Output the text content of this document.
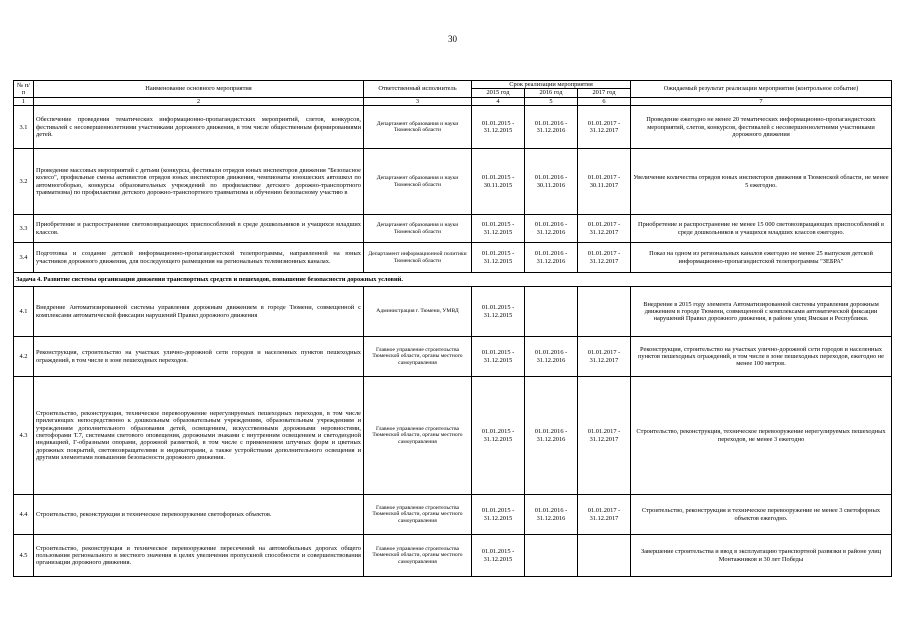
30
№ п/п	Наименование основного мероприятия	Ответственный исполнитель	Срок реализации мероприятия			Ожидаемый результат реализации мероприятия (контрольное событие)
			2015 год	2016 год	2017 год	
1	2	3	4	5	6	7
3.1	Обеспечение проведения тематических информационно-пропагандистских мероприятий, слетов, конкурсов, фестивалей с несовершеннолетними участниками дорожного движения, в том числе общественным формированиями детей.	Департамент образования и науки Тюменской области	01.01.2015 - 31.12.2015	01.01.2016 - 31.12.2016	01.01.2017 - 31.12.2017	Проведение ежегодно не менее 20 тематических информационно-пропагандистских мероприятий, слетов, конкурсов, фестивалей с несовершеннолетними участниками дорожного движения
3.2	Проведение массовых мероприятий с детьми (конкурсы, фестивали отрядов юных инспекторов движения "Безопасное колесо", профильные смены активистов отрядов юных инспекторов движения, чемпионаты юношеских автошкол по автомногоборью, конкурсы образовательных учреждений по профилактике детского дорожно-транспортного травматизма) по профилактике детского дорожно-транспортного травматизма и обучению безопасному участию в	Департамент образования и науки Тюменской области	01.01.2015 - 30.11.2015	01.01.2016 - 30.11.2016	01.01.2017 - 30.11.2017	Увеличение количества отрядов юных инспекторов движения в Тюменской области, не менее 5 ежегодно.
3.3	Приобретение и распространение световозвращающих приспособлений в среде дошкольников и учащихся младших классов.	Департамент образования и науки Тюменской области	01.01.2015 - 31.12.2015	01.01.2016 - 31.12.2016	01.01.2017 - 31.12.2017	Приобретение и распространение не менее 15 000 световозвращающих приспособлений в среде дошкольников и учащихся младших классов ежегодно.
3.4	Подготовка и создание детской информационно-пропагандистской телепрограммы, направленной на юных участников дорожного движения, для последующего размещения на региональных телевизионных каналах.	Департамент информационной политики Тюменской области	01.01.2015 - 31.12.2015	01.01.2016 - 31.12.2016	01.01.2017 - 31.12.2017	Показ на одном из региональных каналов ежегодно не менее 25 выпусков детской информационно-пропагандистской телепрограммы "ЗЕБРА"
Задача 4. Развитие системы организации движения транспортных средств и пешеходов, повышение безопасности дорожных условий.						
4.1	Внедрение Автоматизированной системы управления дорожным движением в городе Тюмени, совмещенной с комплексами автоматической фиксации нарушений Правил дорожного движения	Администрация г. Тюмени, УМВД	01.01.2015 - 31.12.2015			Внедрение в 2015 году элемента Автоматизированной системы управления дорожным движением в городе Тюмени, совмещенной с комплексами автоматической фиксации нарушений Правил дорожного движения, в районе улиц Ямская и Республики.
4.2	Реконструкция, строительство на участках улично-дорожной сети городов и населенных пунктов пешеходных ограждений, в том числе в зоне пешеходных переходов.	Главное управление строительства Тюменской области, органы местного самоуправления	01.01.2015 - 31.12.2015	01.01.2016 - 31.12.2016	01.01.2017 - 31.12.2017	Реконструкция, строительство на участках улично-дорожной сети городов и населенных пунктов пешеходных ограждений, в том числе в зоне пешеходных переходов, ежегодно не менее 100 метров.
4.3	Строительство, реконструкция, техническое перевооружение нерегулируемых пешеходных переходов, в том числе прилегающих непосредственно к дошкольным образовательным учреждениям, образовательным учреждениям и учреждениям дополнительного образования детей, освещением, искусственными дорожными неровностями, светофорами Т.7, системами светового оповещения, дорожными знаками с внутренним освещением и светодиодной индикацией, Г-образными опорами, дорожной разметкой, в том числе с применением штучных форм и цветных дорожных покрытий, световозвращателями и индикаторами, а также устройствами дополнительного освещения и другими элементами повышения безопасности дорожного движения.	Главное управление строительства Тюменской области, органы местного самоуправления	01.01.2015 - 31.12.2015	01.01.2016 - 31.12.2016	01.01.2017 - 31.12.2017	Строительство, реконструкция, техническое перевооружение нерегулируемых пешеходных переходов, не менее 3 ежегодно
4.4	Строительство, реконструкция и техническое перевооружение светофорных объектов.	Главное управление строительства Тюменской области, органы местного самоуправления	01.01.2015 - 31.12.2015	01.01.2016 - 31.12.2016	01.01.2017 - 31.12.2017	Строительство, реконструкция и техническое перевооружение не менее 3 светофорных объектов ежегодно.
4.5	Строительство, реконструкция и техническое перевооружение пересечений на автомобильных дорогах общего пользования регионального и местного значения в целях увеличения пропускной способности и совершенствования организации дорожного движения.	Главное управление строительства Тюменской области, органы местного самоуправления	01.01.2015 - 31.12.2015			Завершение строительства и ввод в эксплуатацию транспортной развязки в районе улиц Монтажников и 30 лет Победы
